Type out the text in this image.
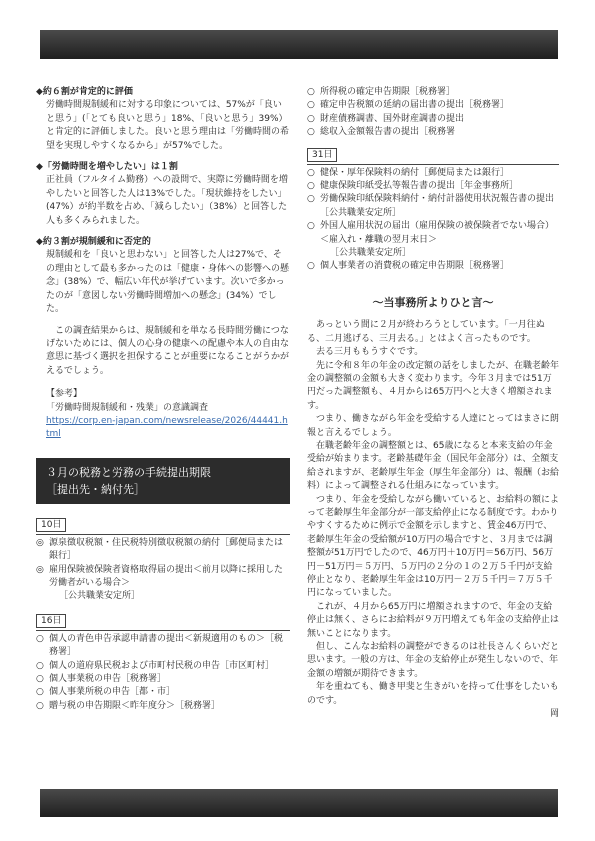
◆約６割が肯定的に評価

労働時間規制緩和に対する印象については、57%が「良いと思う」(「とても良いと思う」18%、「良いと思う」39%）と肯定的に評価しました。良いと思う理由は「労働時間の希望を実現しやすくなるから」が57%でした。

◆「労働時間を増やしたい」は１割

正社員（フルタイム勤務）への設問で、実際に労働時間を増やしたいと回答した人は13%でした。「現状維持をしたい」(47%）が約半数を占め、「減らしたい」（38%）と回答した人も多くみられました。

◆約３割が規制緩和に否定的

規制緩和を「良いと思わない」と回答した人は27%で、その理由として最も多かったのは「健康・身体への影響への懸念」(38%）で、幅広い年代が挙げています。次いで多かったのが「意図しない労働時間増加への懸念」(34%）でした。

この調査結果からは、規制緩和を単なる長時間労働につなげないためには、個人の心身の健康への配慮や本人の自由な意思に基づく選択を担保することが重要になることがうかがえるでしょう。

【参考】

「労働時間規制緩和・残業」の意識調査

https://corp.en-japan.com/newsrelease/2026/44441.html

３月の税務と労務の手続提出期限
［提出先・納付先］
10日
◎ 源泉徴収税額・住民税特別徴収税額の納付［郵便局または銀行］
◎ 雇用保険被保険者資格取得届の提出＜前月以降に採用した労働者がいる場合＞
［公共職業安定所］
16日
○ 個人の青色申告承認申請書の提出＜新規適用のもの＞［税務署］
○ 個人の道府県民税および市町村民税の申告［市区町村］
○ 個人事業税の申告［税務署］
○ 個人事業所税の申告［都・市］
○ 贈与税の申告期限＜昨年度分＞［税務署］
○ 所得税の確定申告期限［税務署］
○ 確定申告税額の延納の届出書の提出［税務署］
○ 財産債務調書、国外財産調書の提出
○ 総収入金額報告書の提出［税務署
31日
○ 健保・厚年保険料の納付［郵便局または銀行］
○ 健康保険印紙受払等報告書の提出［年金事務所］
○ 労働保険印紙保険料納付・納付計器使用状況報告書の提出［公共職業安定所］
○ 外国人雇用状況の届出（雇用保険の被保険者でない場合）＜雇入れ・離職の翌月末日＞
［公共職業安定所］
○ 個人事業者の消費税の確定申告期限［税務署］

～当事務所よりひと言～

あっという間に２月が終わろうとしています。「一月往ぬる、二月逃げる、三月去る。」とはよく言ったものです。

去る三月ももうすぐです。

先に令和８年の年金の改定額の話をしましたが、在職老齢年金の調整額の金額も大きく変わります。今年３月までは51万円だった調整額も、４月からは65万円へと大きく増額されます。

つまり、働きながら年金を受給する人達にとってはまさに朗報と言えるでしょう。

在職老齢年金の調整額とは、65歳になると本来支給の年金受給が始まります。老齢基礎年金（国民年金部分）は、全額支給されますが、老齢厚生年金（厚生年金部分）は、報酬（お給料）によって調整される仕組みになっています。

つまり、年金を受給しながら働いていると、お給料の額によって老齢厚生年金部分が一部支給停止になる制度です。わかりやすくするために例示で金額を示しますと、賃金46万円で、老齢厚生年金の受給額が10万円の場合ですと、３月までは調整額が51万円でしたので、46万円＋10万円＝56万円、56万円－51万円＝５万円、５万円の２分の１の２万５千円が支給停止となり、老齢厚生年金は10万円－２万５千円＝７万５千円になっていました。

これが、４月から65万円に増額されますので、年金の支給停止は無く、さらにお給料が９万円増えても年金の支給停止は無いことになります。

但し、こんなお給料の調整ができるのは社長さんくらいだと思います。一般の方は、年金の支給停止が発生しないので、年金額の増額が期待できます。

年を重ねても、働き甲斐と生きがいを持って仕事をしたいものです。

岡
